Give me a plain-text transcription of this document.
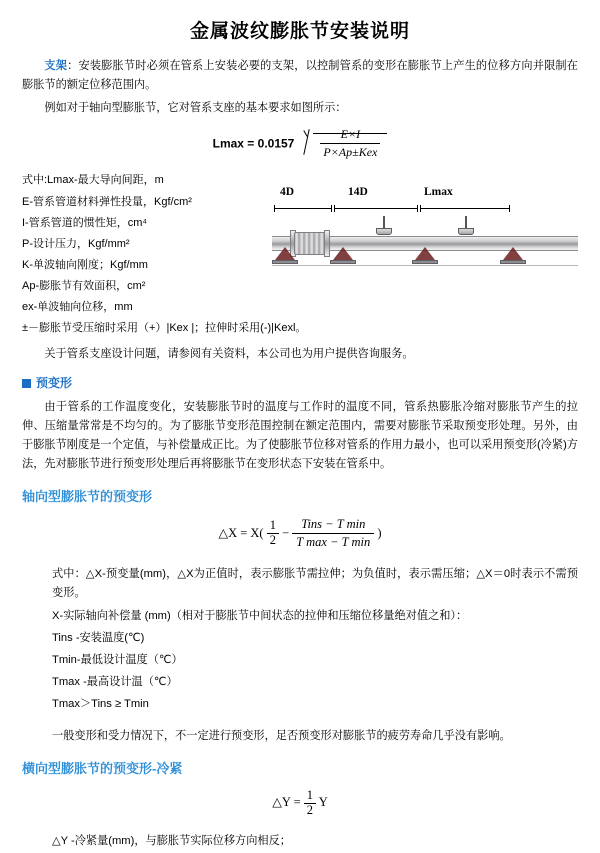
金属波纹膨胀节安装说明

支架：安装膨胀节时必须在管系上安装必要的支架，以控制管系的变形在膨胀节上产生的位移方向并限制在膨胀节的额定位移范围内。

例如对于轴向型膨胀节，它对管系支座的基本要求如图所示：

$Lmax = 0.0157 \frac{E\times I}{\text{P×Ap±Kex}}$
式中:Lmax-最大导向间距，m
E-管系管道材料弹性投量，Kgf/cm²
I-管系管道的惯性矩，cm⁴
P-设计压力，Kgf/mm²
K-单波轴向刚度；Kgf/mm
Ap-膨胀节有效面积，cm²
ex-单波轴向位移，mm
±－膨胀节受压缩时采用（+）|Kex |；拉伸时采用(-)|Kexl。
4D	14D	Lmax

关于管系支座设计问题，请参阅有关资料，本公司也为用户提供咨询服务。

预变形

由于管系的工作温度变化，安装膨胀节时的温度与工作时的温度不同，管系热膨胀冷缩对膨胀节产生的拉伸、压缩量常常是不均匀的。为了膨胀节变形范围控制在额定范围内，需要对膨胀节采取预变形处理。另外，由于膨胀节刚度是一个定值，与补偿量成正比。为了使膨胀节位移对管系的作用力最小，也可以采用预变形(冷紧)方法，先对膨胀节进行预变形处理后再将膨胀节在变形状态下安装在管系中。

轴向型膨胀节的预变形
△X = $X( \frac{1}{2} - \frac{\text{Tins − T min}}{\text{T max − T min}}$ )

式中：△X-预变量(mm)，△X为正值时，表示膨胀节需拉伸；为负值时，表示需压缩；△X＝0时表示不需预变形。

X-实际轴向补偿量 (mm)（相对于膨胀节中间状态的拉伸和压缩位移量绝对值之和）：
Tins -安装温度(℃)
Tmin-最低设计温度（℃）
Tmax -最高设计温（℃）
Tmax＞Tins ≥ Tmin

一般变形和受力情况下，不一定进行预变形，足否预变形对膨胀节的疲劳寿命几乎没有影响。

横向型膨胀节的预变形-冷紧
△Y = $\frac{1}{2}$ Y
△Y -冷紧量(mm)，与膨胀节实际位移方向相反；
